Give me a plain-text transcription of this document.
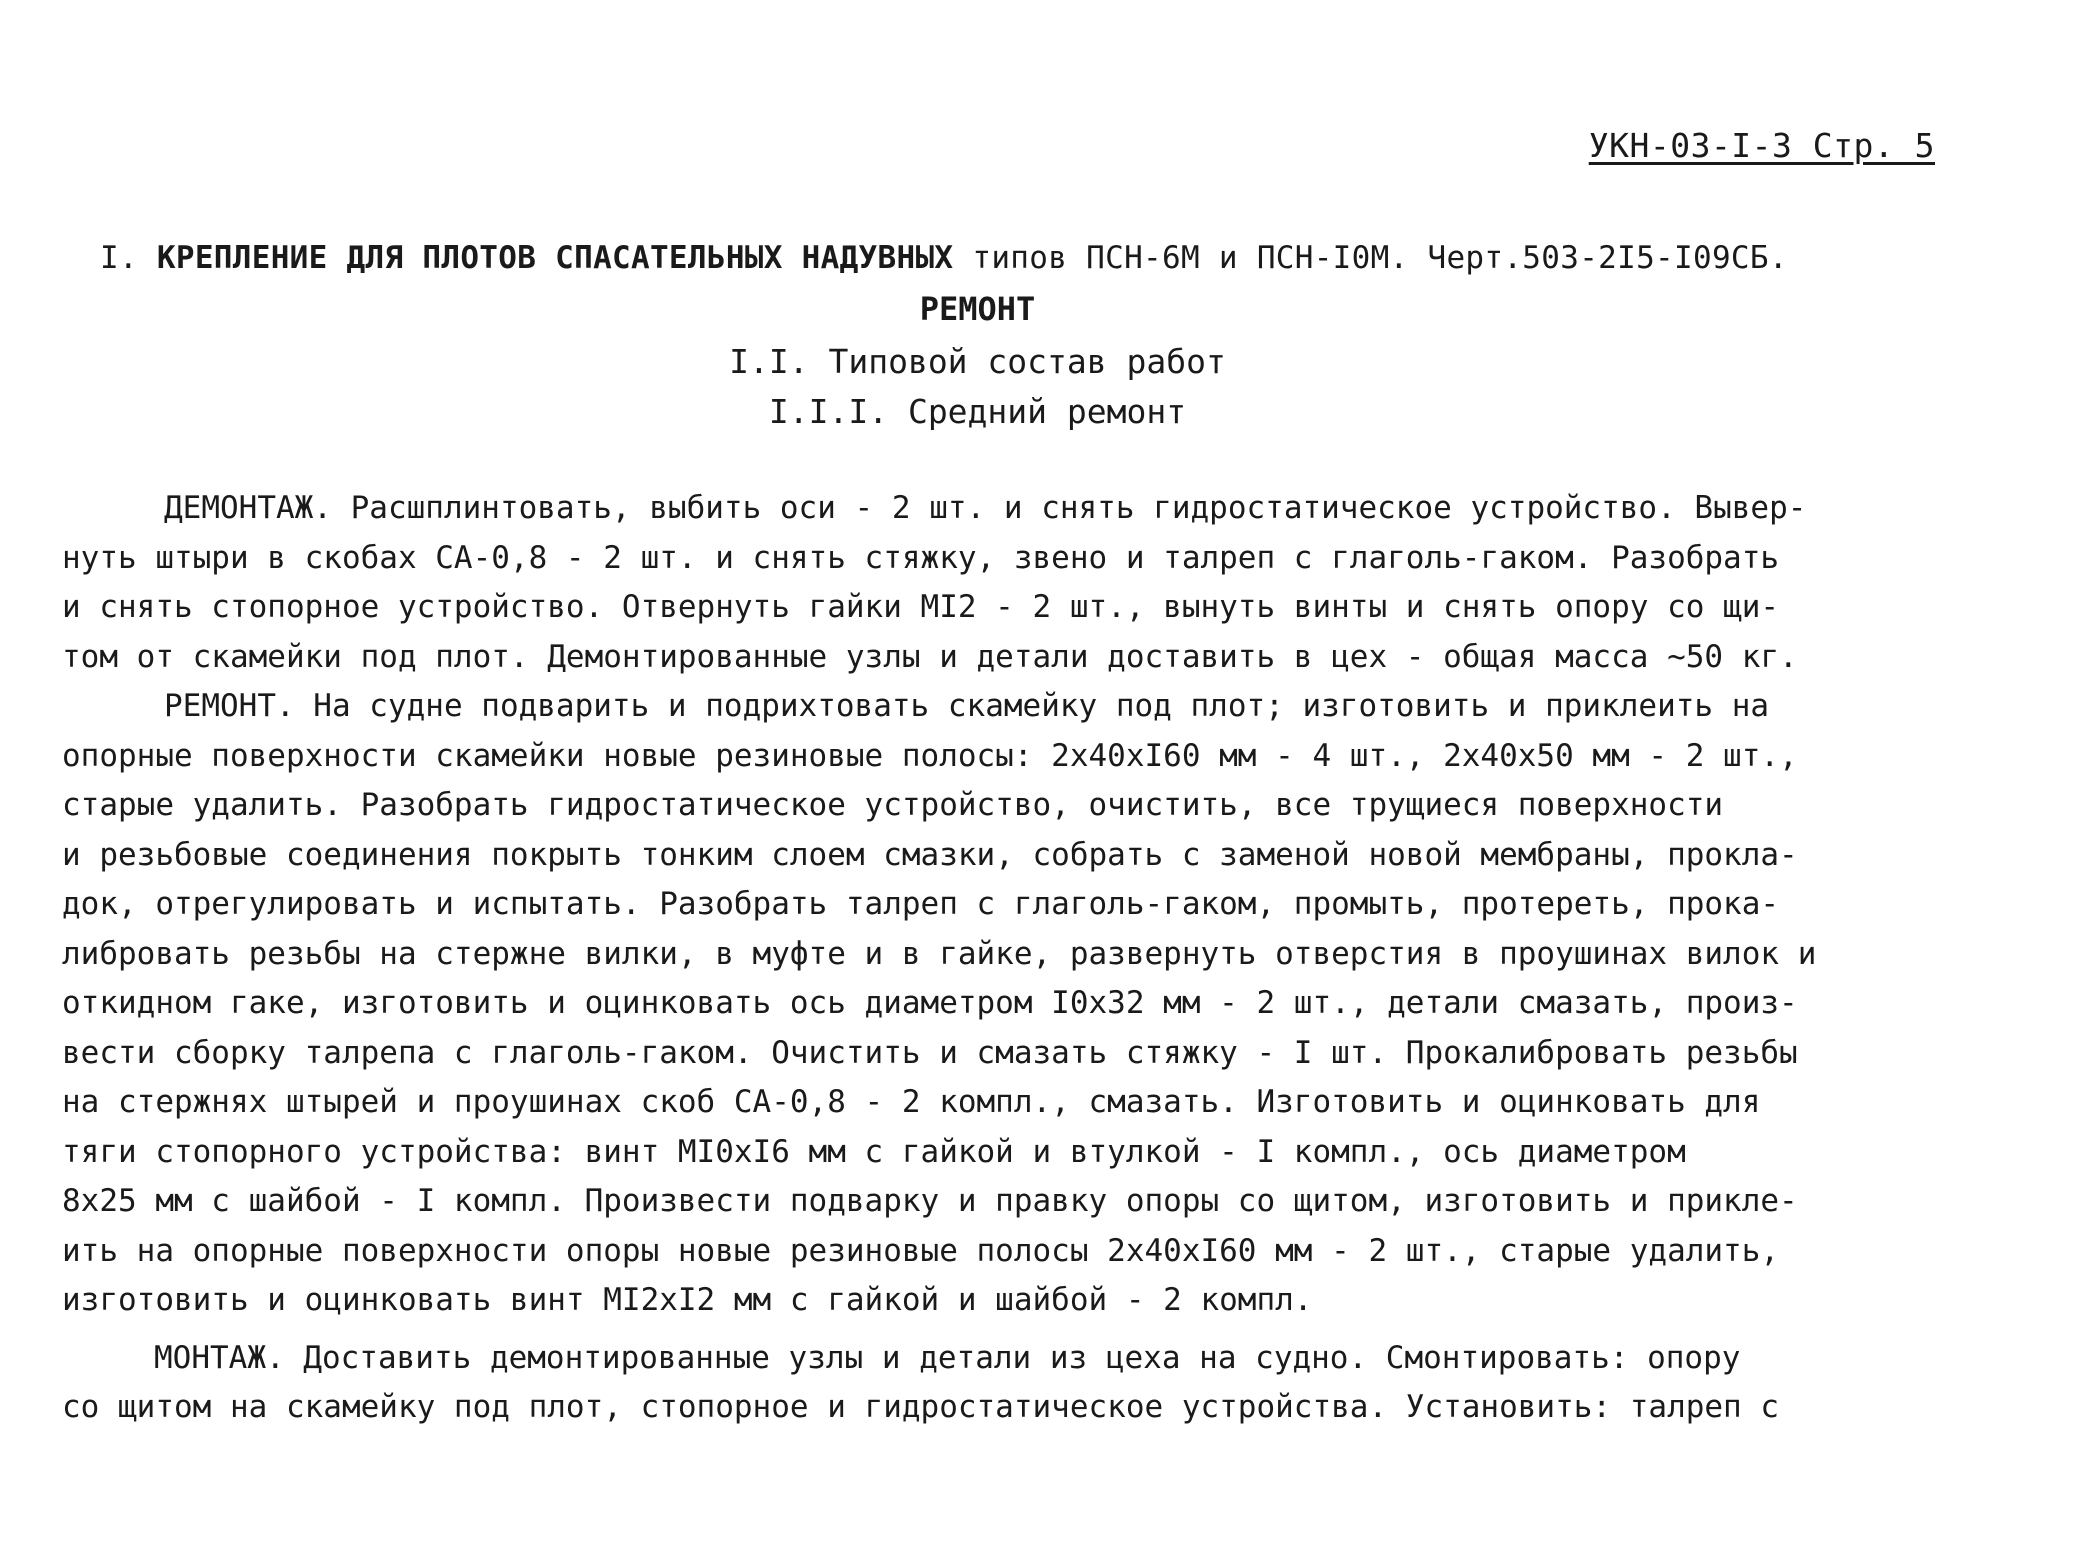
УКН-03-I-3 Стр. 5
I. КРЕПЛЕНИЕ ДЛЯ ПЛОТОВ СПАСАТЕЛЬНЫХ НАДУВНЫХ типов ПСН-6М и ПСН-I0М. Черт.503-2I5-I09СБ.
РЕМОНТ
I.I. Типовой состав работ
I.I.I. Средний ремонт
ДЕМОНТАЖ. Расшплинтовать, выбить оси - 2 шт. и снять гидростатическое устройство. Вывер-
нуть штыри в скобах СА-0,8 - 2 шт. и снять стяжку, звено и талреп с глаголь-гаком. Разобрать
и снять стопорное устройство. Отвернуть гайки МI2 - 2 шт., вынуть винты и снять опору со щи-
том от скамейки под плот. Демонтированные узлы и детали доставить в цех - общая масса ~50 кг.
РЕМОНТ. На судне подварить и подрихтовать скамейку под плот; изготовить и приклеить на
опорные поверхности скамейки новые резиновые полосы: 2х40хI60 мм - 4 шт., 2х40х50 мм - 2 шт.,
старые удалить. Разобрать гидростатическое устройство, очистить, все трущиеся поверхности
и резьбовые соединения покрыть тонким слоем смазки, собрать с заменой новой мембраны, прокла-
док, отрегулировать и испытать. Разобрать талреп с глаголь-гаком, промыть, протереть, прока-
либровать резьбы на стержне вилки, в муфте и в гайке, развернуть отверстия в проушинах вилок и
откидном гаке, изготовить и оцинковать ось диаметром I0х32 мм - 2 шт., детали смазать, произ-
вести сборку талрепа с глаголь-гаком. Очистить и смазать стяжку - I шт. Прокалибровать резьбы
на стержнях штырей и проушинах скоб СА-0,8 - 2 компл., смазать. Изготовить и оцинковать для
тяги стопорного устройства: винт МI0хI6 мм с гайкой и втулкой - I компл., ось диаметром
8х25 мм с шайбой - I компл. Произвести подварку и правку опоры со щитом, изготовить и прикле-
ить на опорные поверхности опоры новые резиновые полосы 2х40хI60 мм - 2 шт., старые удалить,
изготовить и оцинковать винт МI2хI2 мм с гайкой и шайбой - 2 компл.
МОНТАЖ. Доставить демонтированные узлы и детали из цеха на судно. Смонтировать: опору
со щитом на скамейку под плот, стопорное и гидростатическое устройства. Установить: талреп с
